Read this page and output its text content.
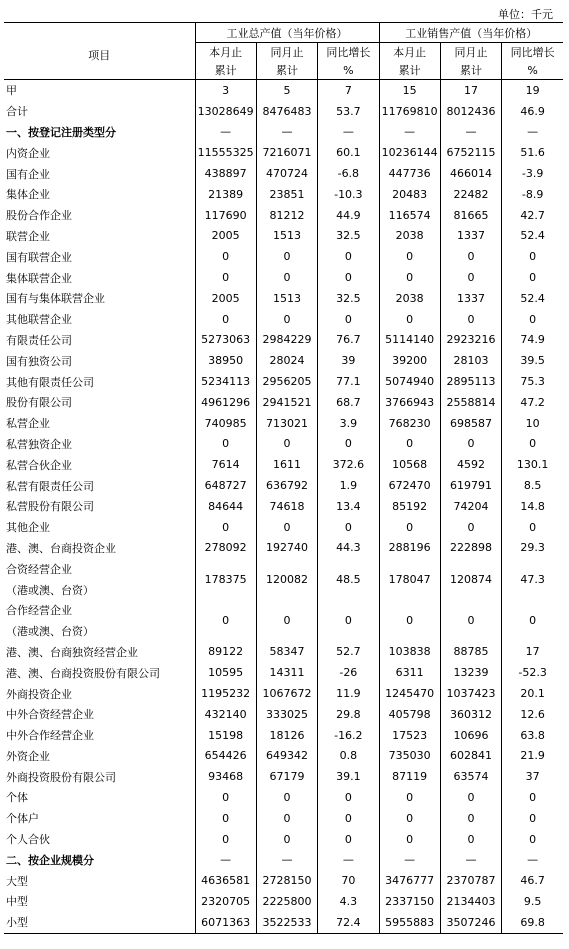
单位：千元
项目	工业总产值（当年价格）			工业销售产值（当年价格）		
	本月止	同月止	同比增长	本月止	同月止	同比增长
	累计	累计	%	累计	累计	%
甲	3	5	7	15	17	19
合计	13028649	8476483	53.7	11769810	8012436	46.9
一、按登记注册类型分	—	—	—	—	—	—
内资企业	11555325	7216071	60.1	10236144	6752115	51.6
国有企业	438897	470724	-6.8	447736	466014	-3.9
集体企业	21389	23851	-10.3	20483	22482	-8.9
股份合作企业	117690	81212	44.9	116574	81665	42.7
联营企业	2005	1513	32.5	2038	1337	52.4
国有联营企业	0	0	0	0	0	0
集体联营企业	0	0	0	0	0	0
国有与集体联营企业	2005	1513	32.5	2038	1337	52.4
其他联营企业	0	0	0	0	0	0
有限责任公司	5273063	2984229	76.7	5114140	2923216	74.9
国有独资公司	38950	28024	39	39200	28103	39.5
其他有限责任公司	5234113	2956205	77.1	5074940	2895113	75.3
股份有限公司	4961296	2941521	68.7	3766943	2558814	47.2
私营企业	740985	713021	3.9	768230	698587	10
私营独资企业	0	0	0	0	0	0
私营合伙企业	7614	1611	372.6	10568	4592	130.1
私营有限责任公司	648727	636792	1.9	672470	619791	8.5
私营股份有限公司	84644	74618	13.4	85192	74204	14.8
其他企业	0	0	0	0	0	0
港、澳、台商投资企业	278092	192740	44.3	288196	222898	29.3
合资经营企业	178375	120082	48.5	178047	120874	47.3
（港或澳、台资）						
合作经营企业	0	0	0	0	0	0
（港或澳、台资）						
港、澳、台商独资经营企业	89122	58347	52.7	103838	88785	17
港、澳、台商投资股份有限公司	10595	14311	-26	6311	13239	-52.3
外商投资企业	1195232	1067672	11.9	1245470	1037423	20.1
中外合资经营企业	432140	333025	29.8	405798	360312	12.6
中外合作经营企业	15198	18126	-16.2	17523	10696	63.8
外资企业	654426	649342	0.8	735030	602841	21.9
外商投资股份有限公司	93468	67179	39.1	87119	63574	37
个体	0	0	0	0	0	0
个体户	0	0	0	0	0	0
个人合伙	0	0	0	0	0	0
二、按企业规模分	—	—	—	—	—	—
大型	4636581	2728150	70	3476777	2370787	46.7
中型	2320705	2225800	4.3	2337150	2134403	9.5
小型	6071363	3522533	72.4	5955883	3507246	69.8
